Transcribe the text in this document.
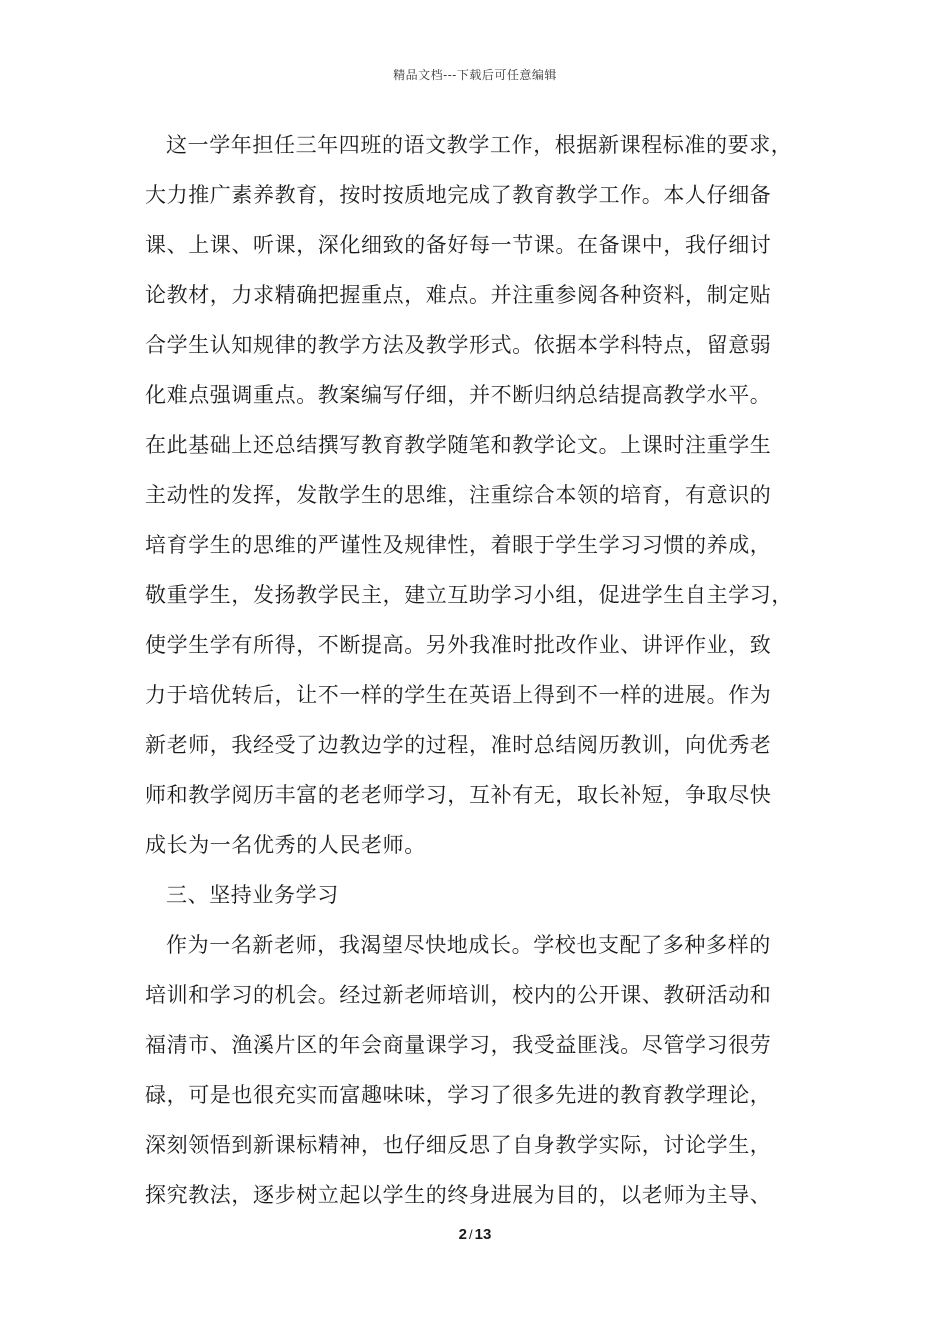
精品文档---下载后可任意编辑
这一学年担任三年四班的语文教学工作，根据新课程标准的要求，
大力推广素养教育，按时按质地完成了教育教学工作。本人仔细备
课、上课、听课，深化细致的备好每一节课。在备课中，我仔细讨
论教材，力求精确把握重点，难点。并注重参阅各种资料，制定贴
合学生认知规律的教学方法及教学形式。依据本学科特点，留意弱
化难点强调重点。教案编写仔细，并不断归纳总结提高教学水平。
在此基础上还总结撰写教育教学随笔和教学论文。上课时注重学生
主动性的发挥，发散学生的思维，注重综合本领的培育，有意识的
培育学生的思维的严谨性及规律性，着眼于学生学习习惯的养成，
敬重学生，发扬教学民主，建立互助学习小组，促进学生自主学习，
使学生学有所得，不断提高。另外我准时批改作业、讲评作业，致
力于培优转后，让不一样的学生在英语上得到不一样的进展。作为
新老师，我经受了边教边学的过程，准时总结阅历教训，向优秀老
师和教学阅历丰富的老老师学习，互补有无，取长补短，争取尽快
成长为一名优秀的人民老师。
三、坚持业务学习
作为一名新老师，我渴望尽快地成长。学校也支配了多种多样的
培训和学习的机会。经过新老师培训，校内的公开课、教研活动和
福清市、渔溪片区的年会商量课学习，我受益匪浅。尽管学习很劳
碌，可是也很充实而富趣味味，学习了很多先进的教育教学理论，
深刻领悟到新课标精神，也仔细反思了自身教学实际，讨论学生，
探究教法，逐步树立起以学生的终身进展为目的，以老师为主导、
2 / 13
